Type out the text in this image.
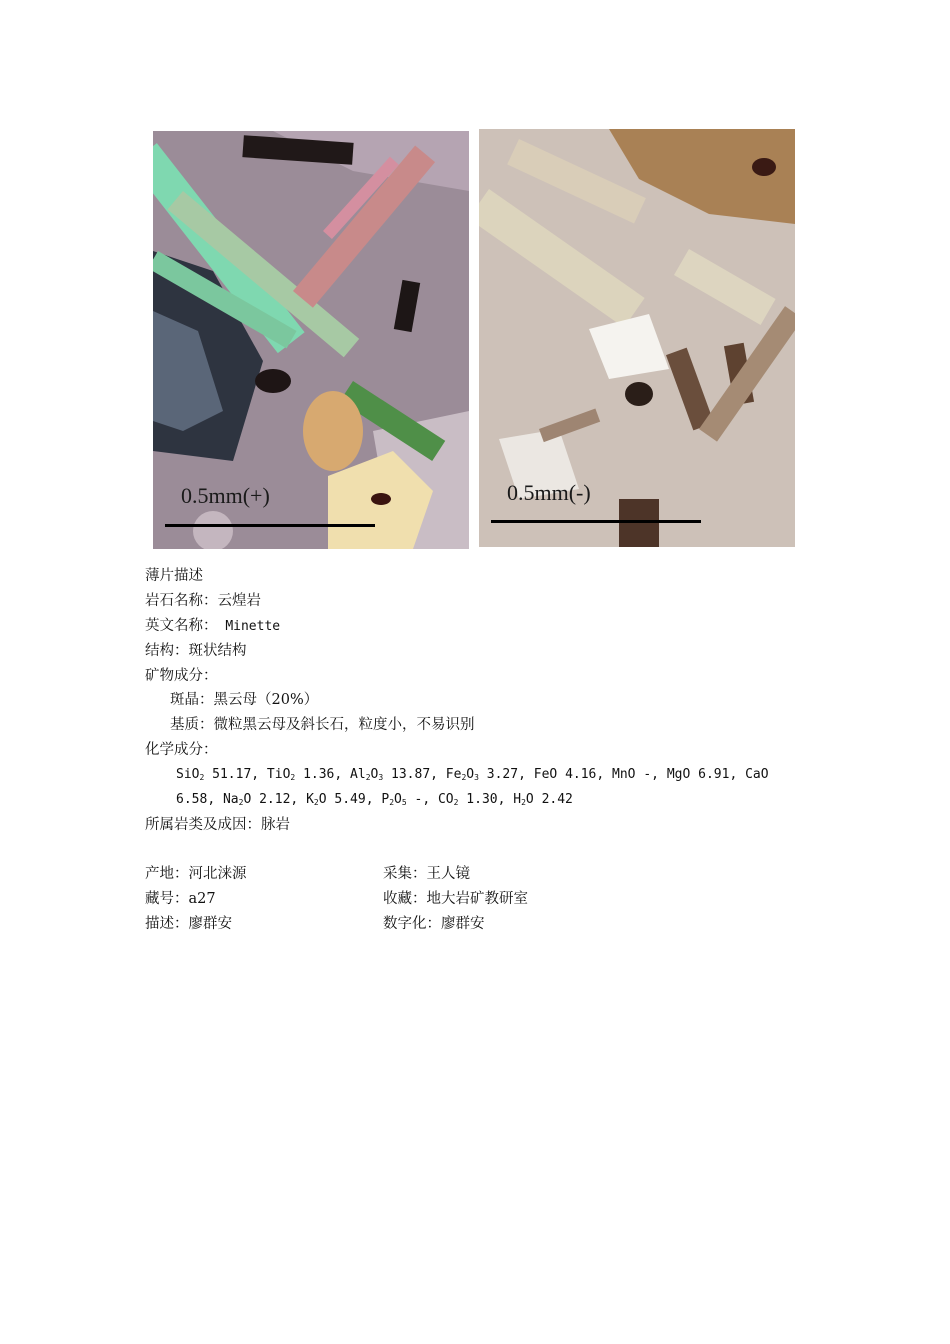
0.5mm(+)	0.5mm(-)
薄片描述
岩石名称：云煌岩
英文名称： Minette
结构：斑状结构
矿物成分：
斑晶：黑云母（20%）
基质：微粒黑云母及斜长石，粒度小，不易识别
化学成分：
SiO$_2$ 51.17, TiO$_2$ 1.36, $Al_2O_3$ 13.87, $Fe_2O_3$ 3.27, FeO 4.16, MnO -, MgO 6.91, CaO
6.58, $Na_2O$ 2.12, $K_2O$ 5.49, $P_2O_5$ -, $CO_2$ 1.30, $H_2O$ 2.42
所属岩类及成因：脉岩
产地：河北涞源	采集：王人镜
藏号：a27	收藏：地大岩矿教研室
描述：廖群安	数字化：廖群安
